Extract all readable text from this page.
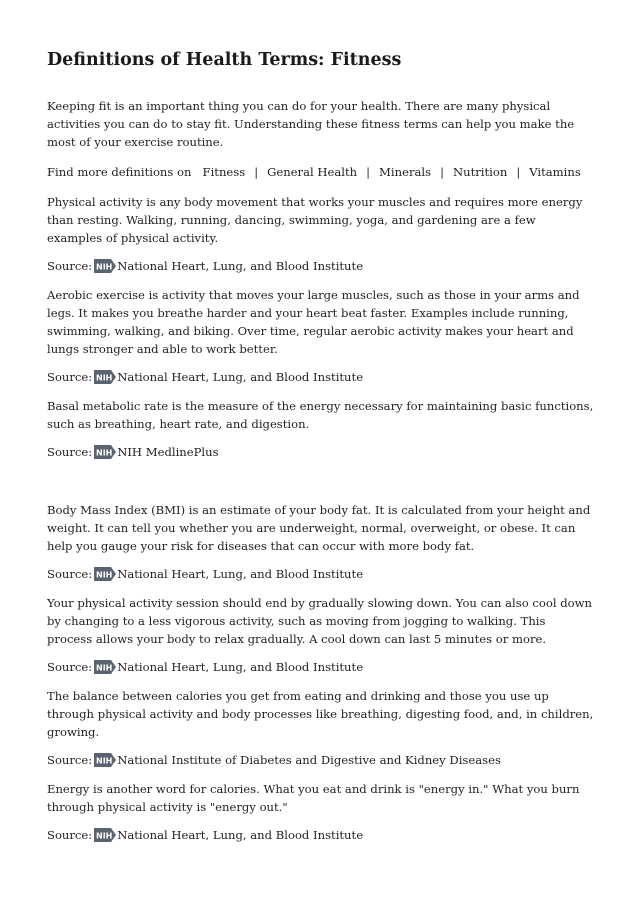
Definitions of Health Terms: Fitness

Keeping fit is an important thing you can do for your health. There are many physical activities you can do to stay fit. Understanding these fitness terms can help you make the most of your exercise routine.

Find more definitions on Fitness | General Health | Minerals | Nutrition | Vitamins

Physical activity is any body movement that works your muscles and requires more energy than resting. Walking, running, dancing, swimming, yoga, and gardening are a few examples of physical activity.

Source: NIH National Heart, Lung, and Blood Institute

Aerobic exercise is activity that moves your large muscles, such as those in your arms and legs. It makes you breathe harder and your heart beat faster. Examples include running, swimming, walking, and biking. Over time, regular aerobic activity makes your heart and lungs stronger and able to work better.

Source: NIH National Heart, Lung, and Blood Institute

Basal metabolic rate is the measure of the energy necessary for maintaining basic functions, such as breathing, heart rate, and digestion.

Source: NIH NIH MedlinePlus

Body Mass Index (BMI) is an estimate of your body fat. It is calculated from your height and weight. It can tell you whether you are underweight, normal, overweight, or obese. It can help you gauge your risk for diseases that can occur with more body fat.

Source: NIH National Heart, Lung, and Blood Institute

Your physical activity session should end by gradually slowing down. You can also cool down by changing to a less vigorous activity, such as moving from jogging to walking. This process allows your body to relax gradually. A cool down can last 5 minutes or more.

Source: NIH National Heart, Lung, and Blood Institute

The balance between calories you get from eating and drinking and those you use up through physical activity and body processes like breathing, digesting food, and, in children, growing.

Source: NIH National Institute of Diabetes and Digestive and Kidney Diseases

Energy is another word for calories. What you eat and drink is "energy in." What you burn through physical activity is "energy out."

Source: NIH National Heart, Lung, and Blood Institute
